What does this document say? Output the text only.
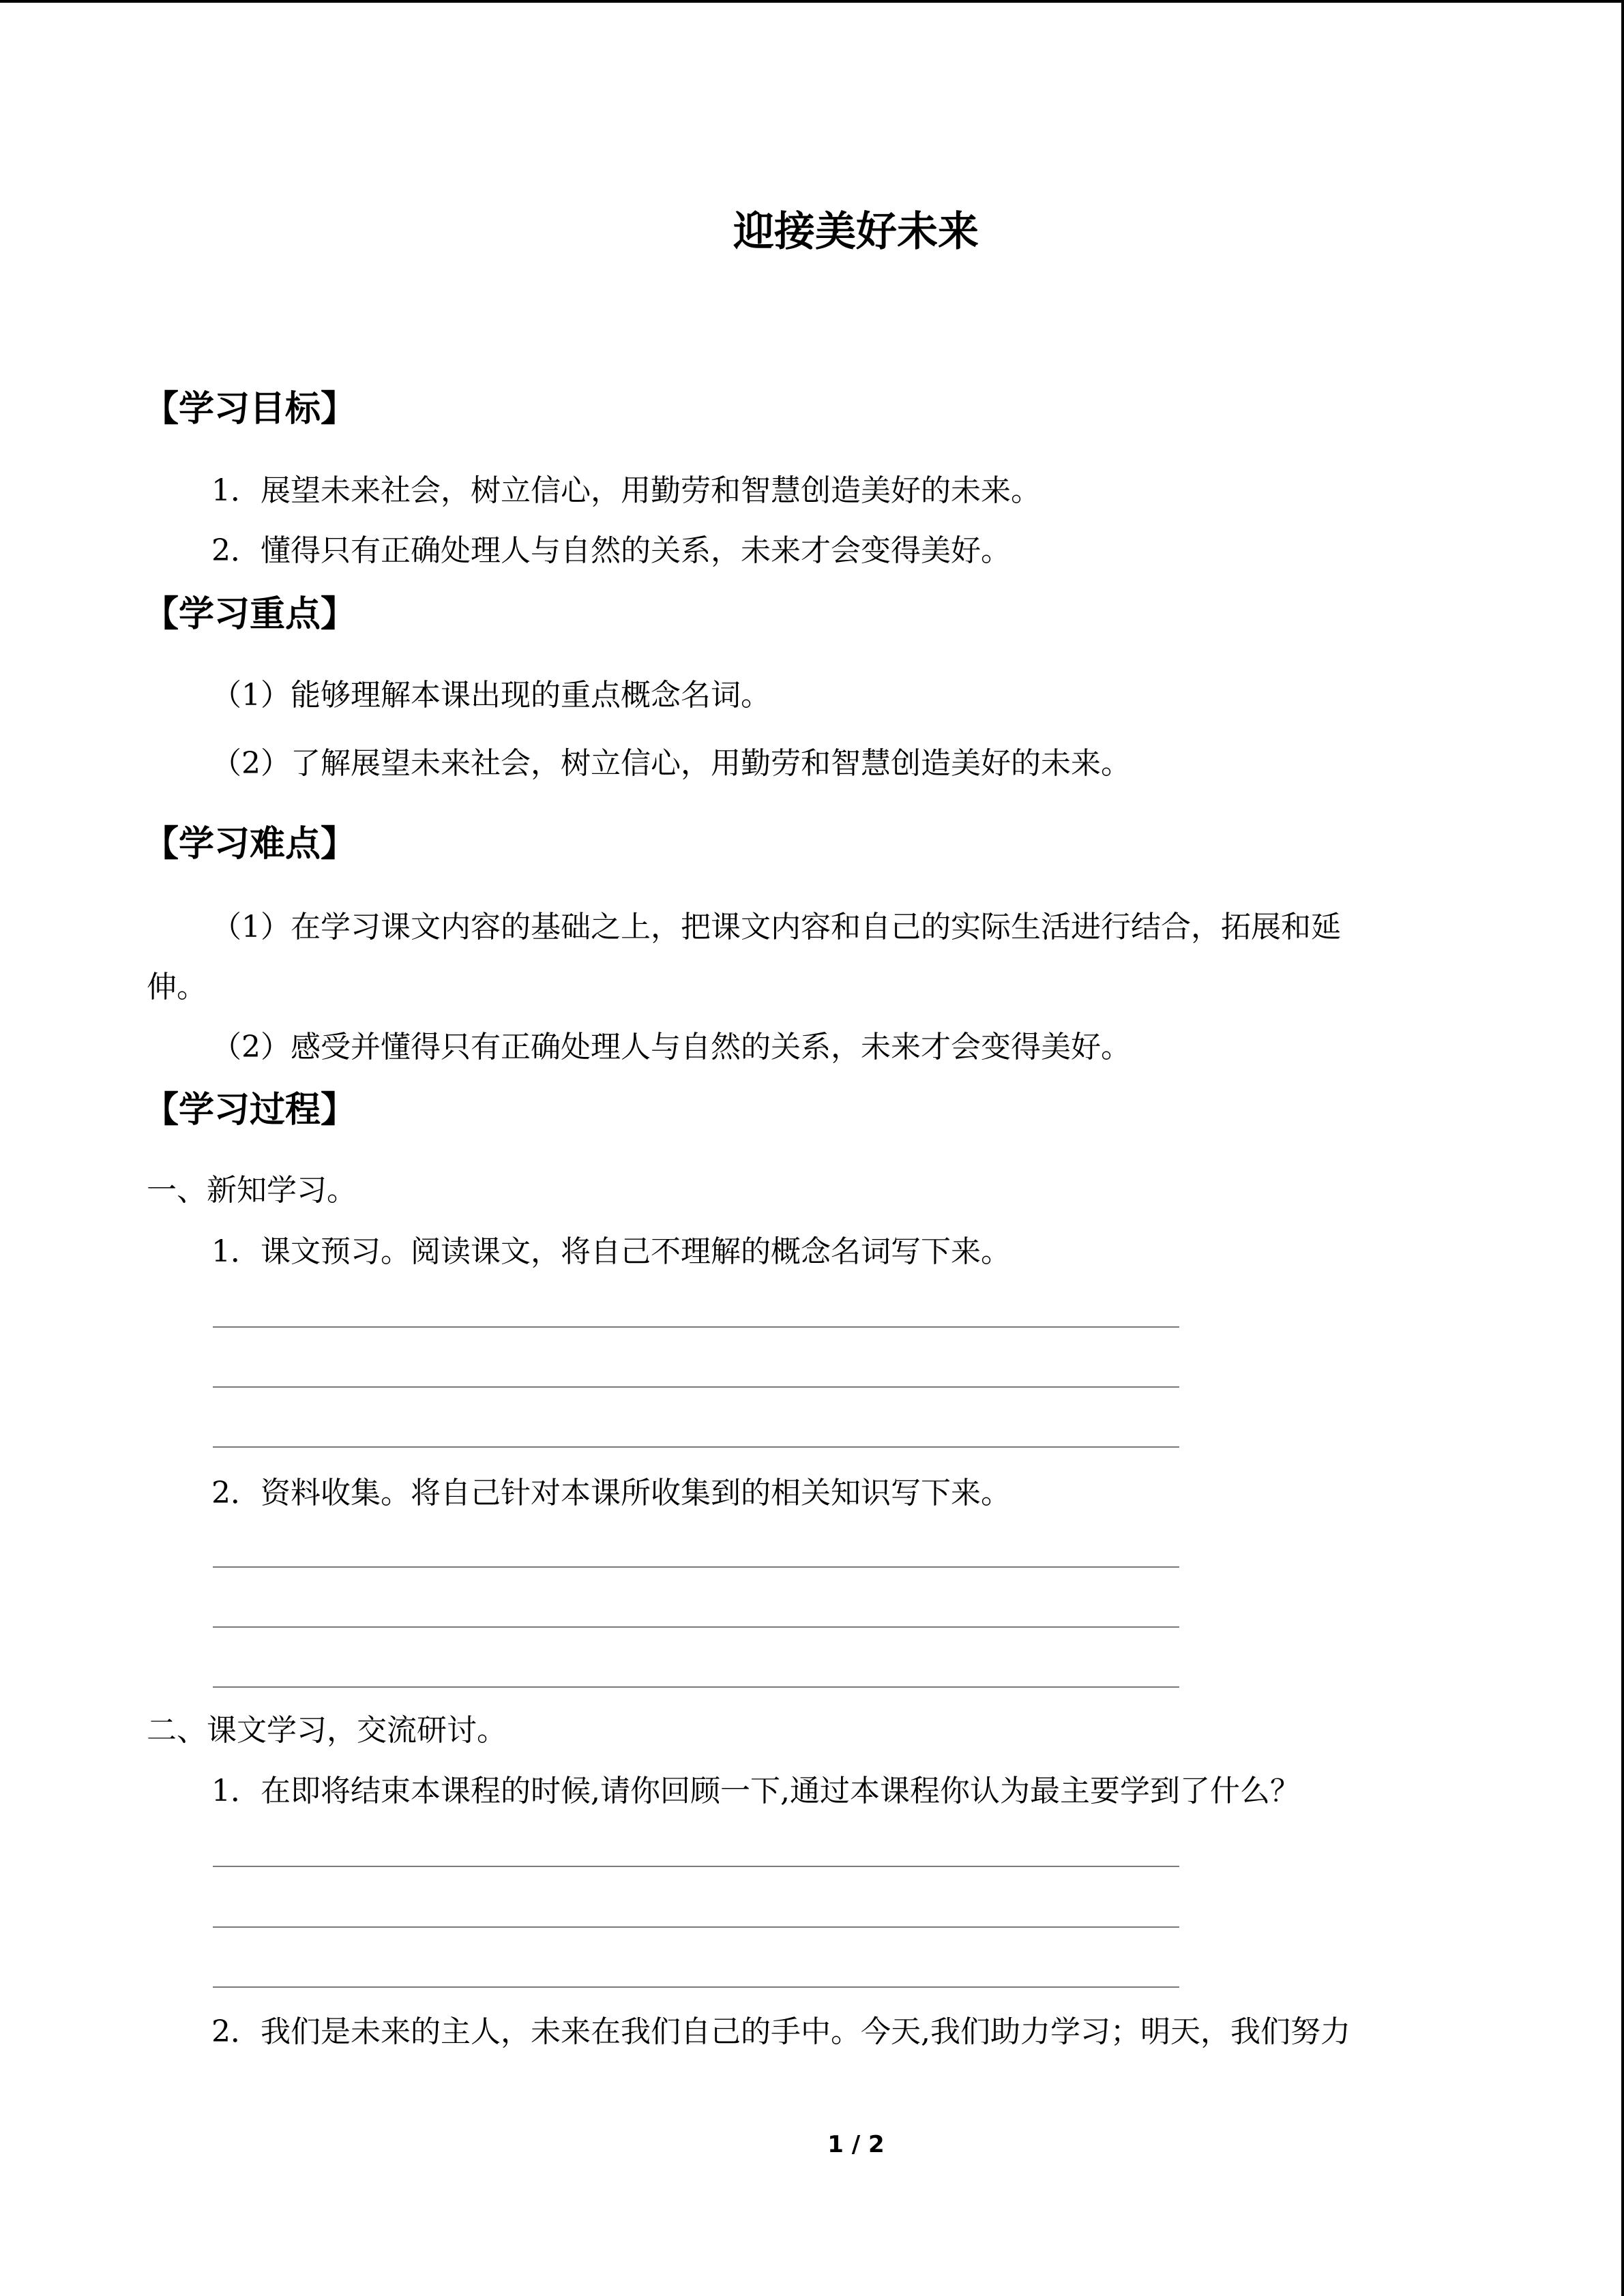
迎接美好未来
【学习目标】
1．展望未来社会，树立信心，用勤劳和智慧创造美好的未来。
2．懂得只有正确处理人与自然的关系，未来才会变得美好。
【学习重点】
（1）能够理解本课出现的重点概念名词。
（2）了解展望未来社会，树立信心，用勤劳和智慧创造美好的未来。
【学习难点】
（1）在学习课文内容的基础之上，把课文内容和自己的实际生活进行结合，拓展和延
伸。
（2）感受并懂得只有正确处理人与自然的关系，未来才会变得美好。
【学习过程】
一、新知学习。
1．课文预习。阅读课文，将自己不理解的概念名词写下来。
2．资料收集。将自己针对本课所收集到的相关知识写下来。
二、课文学习，交流研讨。
1．在即将结束本课程的时候,请你回顾一下,通过本课程你认为最主要学到了什么？
2．我们是未来的主人，未来在我们自己的手中。今天,我们助力学习；明天，我们努力
1 / 2
